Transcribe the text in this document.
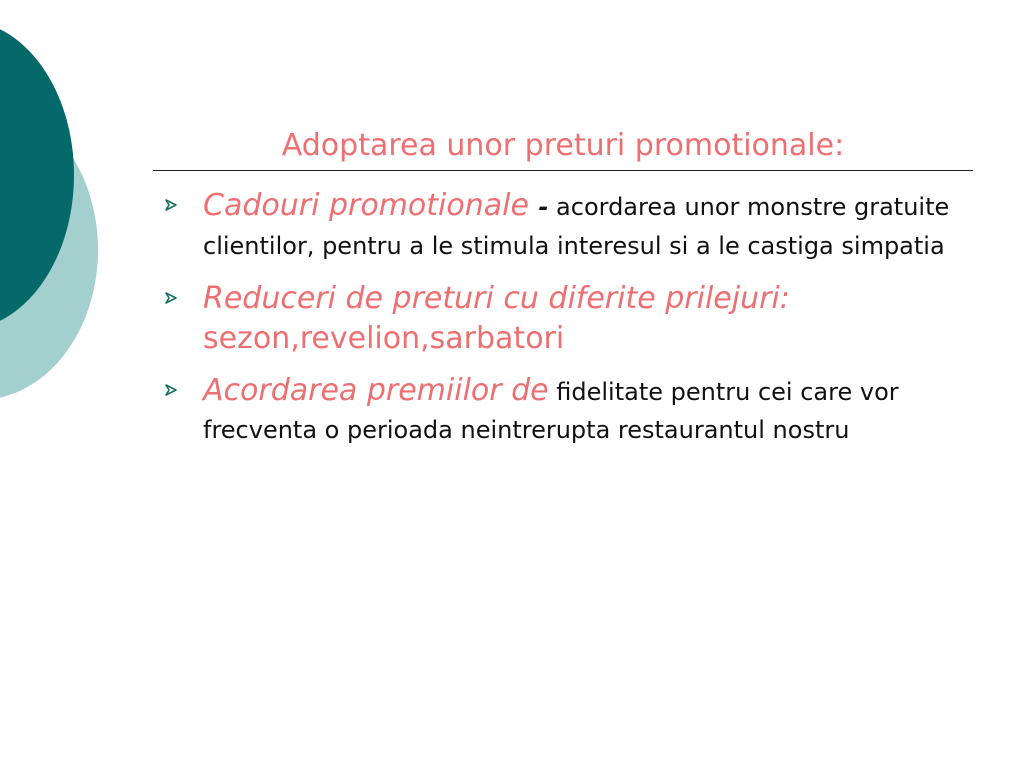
Adoptarea unor preturi promotionale:
Cadouri promotionale - acordarea unor monstre gratuite clientilor, pentru a le stimula interesul si a le castiga simpatia
Reduceri de preturi cu diferite prilejuri: sezon,revelion,sarbatori
Acordarea premiilor de fidelitate pentru cei care vor frecventa o perioada neintrerupta restaurantul nostru
